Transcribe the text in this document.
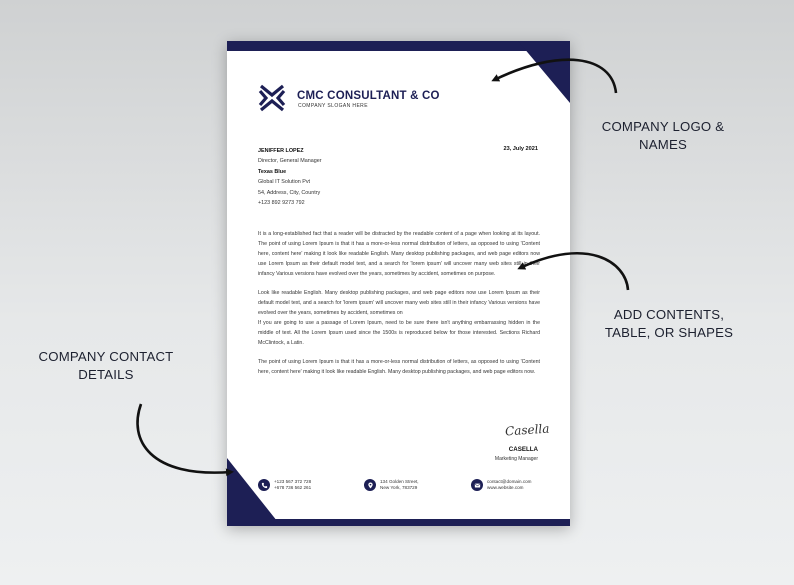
CMC CONSULTANT & CO
COMPANY SLOGAN HERE
JENIFFER LOPEZ
Director, General Manager
Texas Blue
Global IT Solution Pvt
54, Address, City, Country
+123 892 9273 792
23, July 2021

It is a long-established fact that a reader will be distracted by the readable content of a page when looking at its layout. The point of using Lorem Ipsum is that it has a more-or-less normal distribution of letters, as opposed to using 'Content here, content here' making it look like readable English. Many desktop publishing packages, and web page editors now use Lorem Ipsum as their default model text, and a search for 'lorem ipsum' will uncover many web sites still in their infancy Various versions have evolved over the years, sometimes by accident, sometimes on purpose.

Look like readable English. Many desktop publishing packages, and web page editors now use Lorem Ipsum as their default model text, and a search for 'lorem ipsum' will uncover many web sites still in their infancy Various versions have evolved over the years, sometimes by accident, sometimes on

If you are going to use a passage of Lorem Ipsum, need to be sure there isn't anything embarrassing hidden in the middle of text. All the Lorem Ipsum used since the 1500s is reproduced below for those interested. Sections Richard McClintock, a Latin.

The point of using Lorem Ipsum is that it has a more-or-less normal distribution of letters, as opposed to using 'Content here, content here' making it look like readable English. Many desktop publishing packages, and web page editors now.

Casella
CASELLA
Marketing Manager
+123 567 372 728
+678 736 562 261
134 Golden Street,
New York, 783729
contact@domain.com
www.website.com
COMPANY LOGO &
NAMES
ADD CONTENTS,
TABLE, OR SHAPES
COMPANY CONTACT
DETAILS
